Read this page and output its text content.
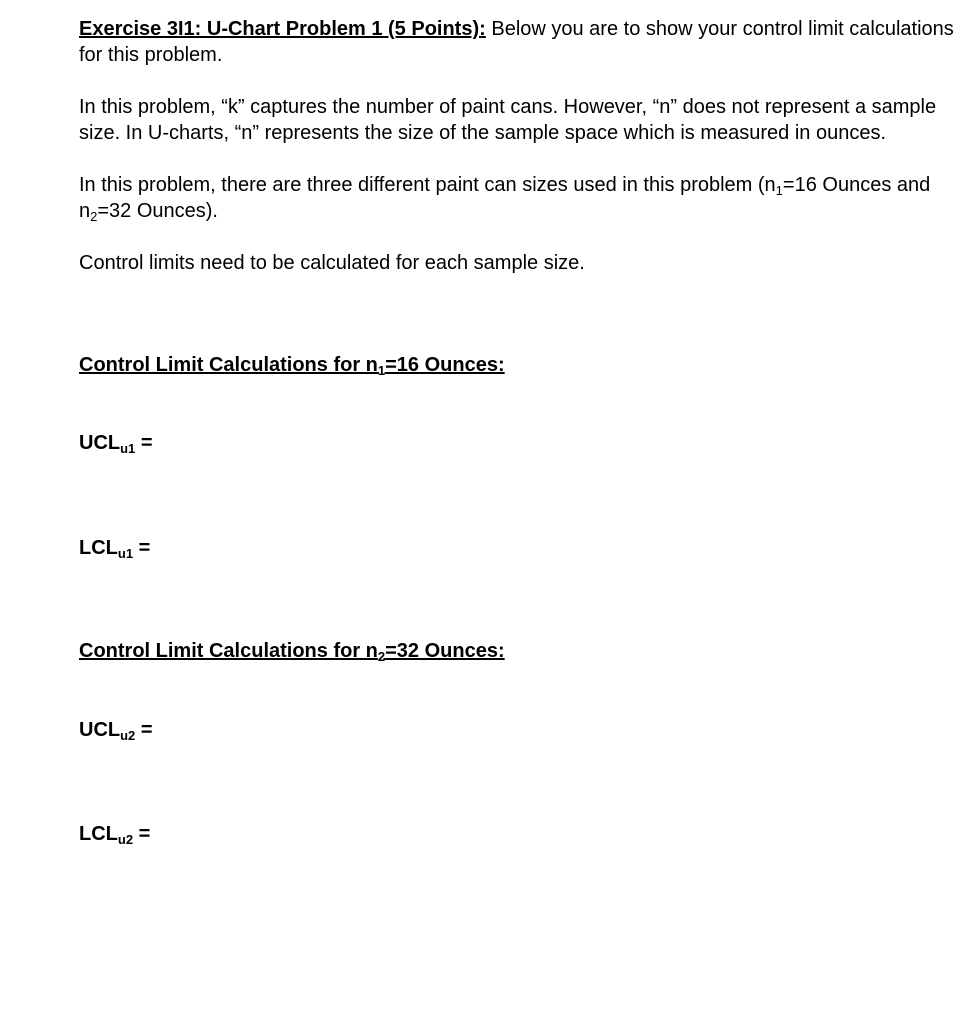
Exercise 3I1: U-Chart Problem 1 (5 Points): Below you are to show your control limit calculations for this problem.

In this problem, “k” captures the number of paint cans. However, “n” does not represent a sample size. In U-charts, “n” represents the size of the sample space which is measured in ounces.

In this problem, there are three different paint can sizes used in this problem ($n_1=16$ Ounces and $n_2=32$ Ounces).

Control limits need to be calculated for each sample size.

Control Limit Calculations for $n_1=16$ Ounces:
$UCL_{u1}$ =
$LCL_{u1}$ =
Control Limit Calculations for $n_2=32$ Ounces:
$UCL_{u2}$ =
$LCL_{u2}$ =
